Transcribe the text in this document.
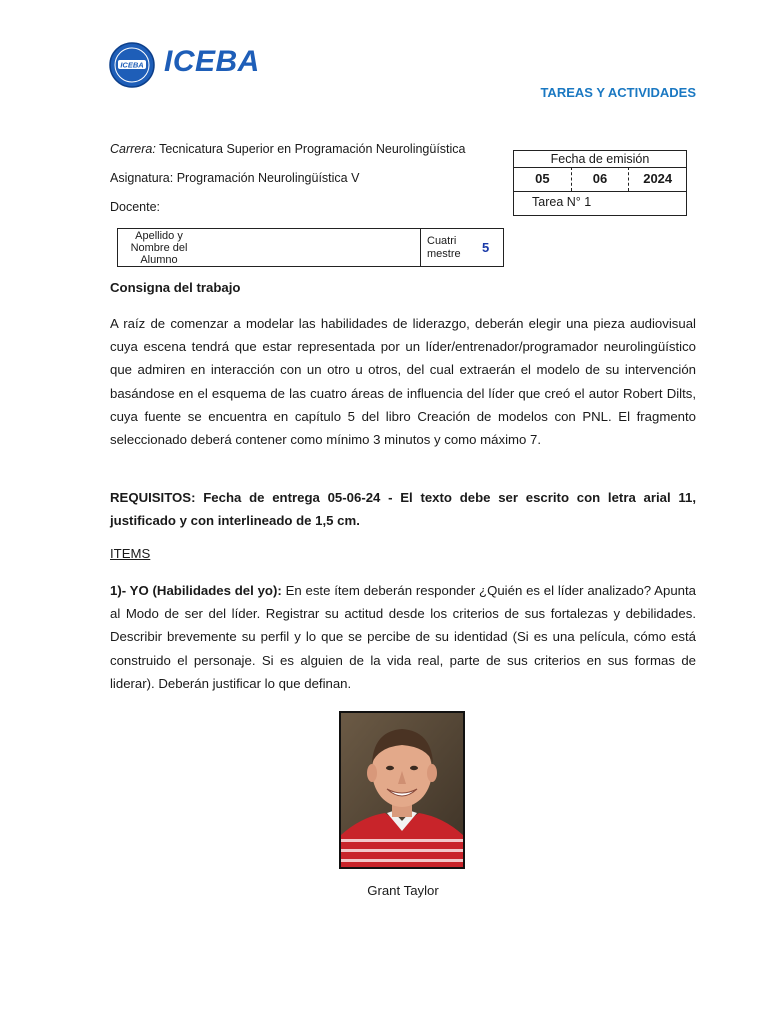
ICEBA ICEBA
TAREAS Y ACTIVIDADES
Carrera: Tecnicatura Superior en Programación Neurolingüística
Asignatura: Programación Neurolingüística V
Docente:
Fecha de emisión
05	06	2024
Tarea N° 1
Apellido y Nombre del Alumno
Cuatri mestre	5
Consigna del trabajo
A raíz de comenzar a modelar las habilidades de liderazgo, deberán elegir una pieza audiovisual cuya escena tendrá que estar representada por un líder/entrenador/programador neurolingüístico que admiren en interacción con un otro u otros, del cual extraerán el modelo de su intervención basándose en el esquema de las cuatro áreas de influencia del líder que creó el autor Robert Dilts, cuya fuente se encuentra en capítulo 5 del libro Creación de modelos con PNL. El fragmento seleccionado deberá contener como mínimo 3 minutos y como máximo 7.
REQUISITOS: Fecha de entrega 05-06-24 - El texto debe ser escrito con letra arial 11, justificado y con interlineado de 1,5 cm.
ITEMS
1)- YO (Habilidades del yo): En este ítem deberán responder ¿Quién es el líder analizado? Apunta al Modo de ser del líder. Registrar su actitud desde los criterios de sus fortalezas y debilidades. Describir brevemente su perfil y lo que se percibe de su identidad (Si es una película, cómo está construido el personaje. Si es alguien de la vida real, parte de sus criterios en sus formas de liderar). Deberán justificar lo que definan.
Grant Taylor
